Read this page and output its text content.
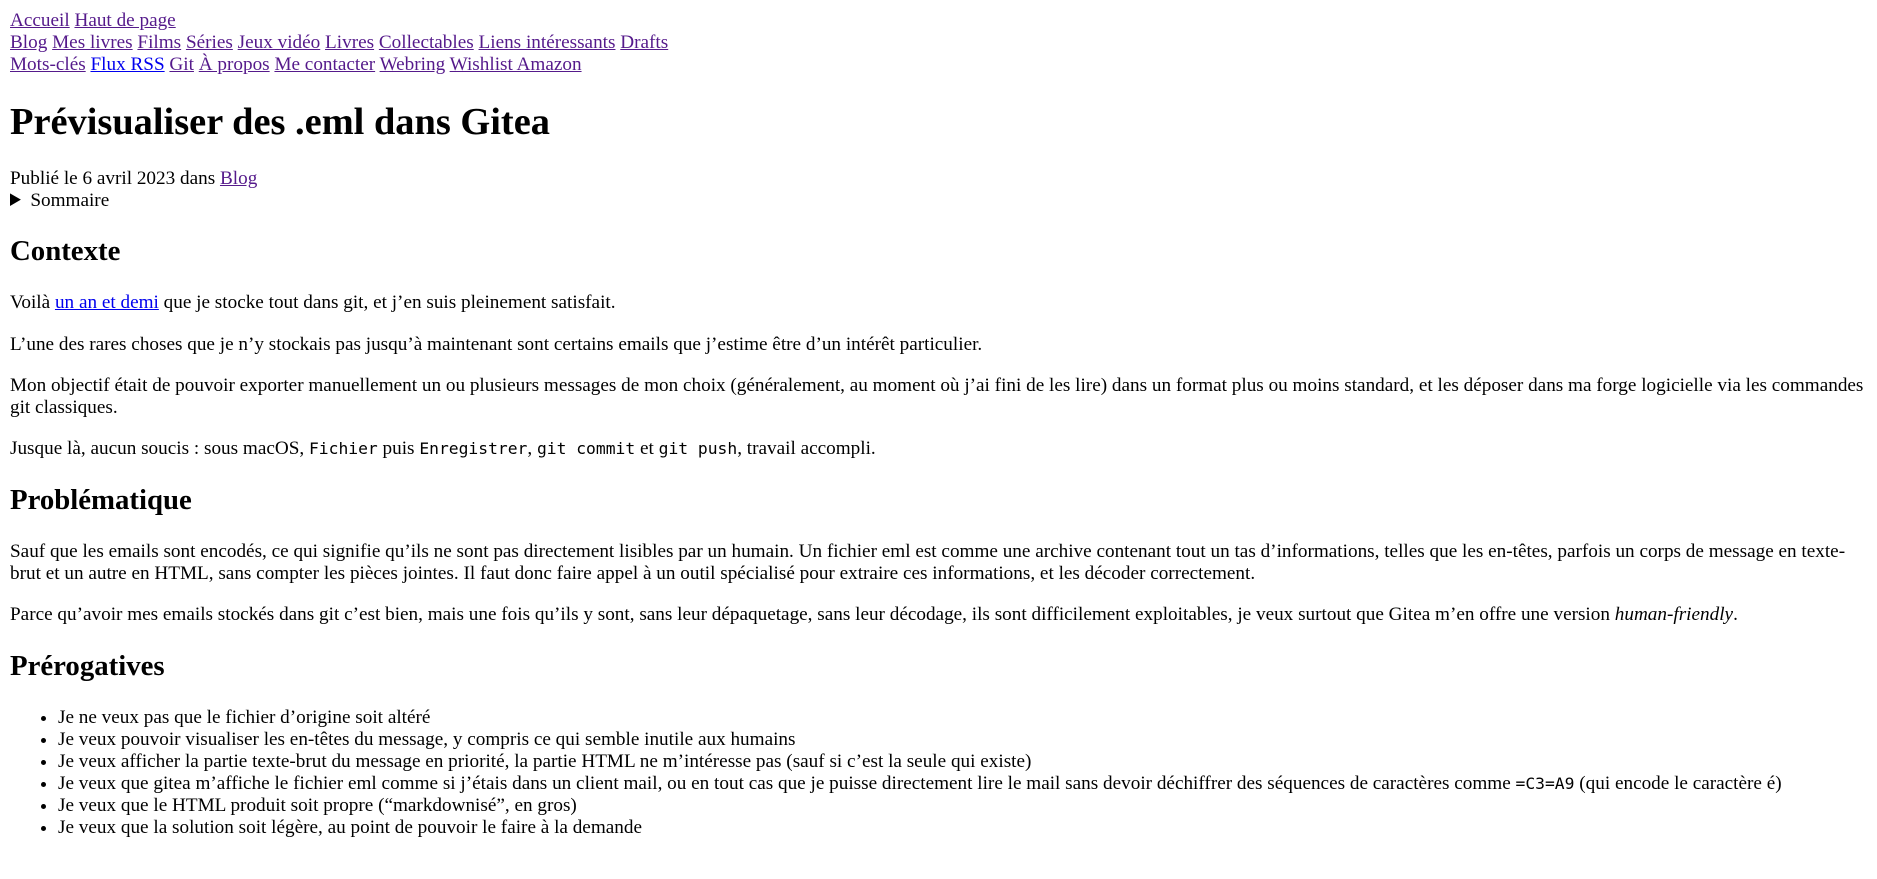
Accueil Haut de page
Blog Mes livres Films Séries Jeux vidéo Livres Collectables Liens intéressants Drafts
Mots-clés Flux RSS Git À propos Me contacter Webring Wishlist Amazon
Prévisualiser des .eml dans Gitea

Publié le 6 avril 2023 dans Blog

Sommaire
Contexte

Voilà un an et demi que je stocke tout dans git, et j’en suis pleinement satisfait.

L’une des rares choses que je n’y stockais pas jusqu’à maintenant sont certains emails que j’estime être d’un intérêt particulier.

Mon objectif était de pouvoir exporter manuellement un ou plusieurs messages de mon choix (généralement, au moment où j’ai fini de les lire) dans un format plus ou moins standard, et les déposer dans ma forge logicielle via les commandes git classiques.

Jusque là, aucun soucis : sous macOS, Fichier puis Enregistrer, git commit et git push, travail accompli.

Problématique

Sauf que les emails sont encodés, ce qui signifie qu’ils ne sont pas directement lisibles par un humain. Un fichier eml est comme une archive contenant tout un tas d’informations, telles que les en-têtes, parfois un corps de message en texte-brut et un autre en HTML, sans compter les pièces jointes. Il faut donc faire appel à un outil spécialisé pour extraire ces informations, et les décoder correctement.

Parce qu’avoir mes emails stockés dans git c’est bien, mais une fois qu’ils y sont, sans leur dépaquetage, sans leur décodage, ils sont difficilement exploitables, je veux surtout que Gitea m’en offre une version human-friendly.

Prérogatives
• Je ne veux pas que le fichier d’origine soit altéré
• Je veux pouvoir visualiser les en-têtes du message, y compris ce qui semble inutile aux humains
• Je veux afficher la partie texte-brut du message en priorité, la partie HTML ne m’intéresse pas (sauf si c’est la seule qui existe)
• Je veux que gitea m’affiche le fichier eml comme si j’étais dans un client mail, ou en tout cas que je puisse directement lire le mail sans devoir déchiffrer des séquences de caractères comme =C3=A9 (qui encode le caractère é)
• Je veux que le HTML produit soit propre (“markdownisé”, en gros)
• Je veux que la solution soit légère, au point de pouvoir le faire à la demande
